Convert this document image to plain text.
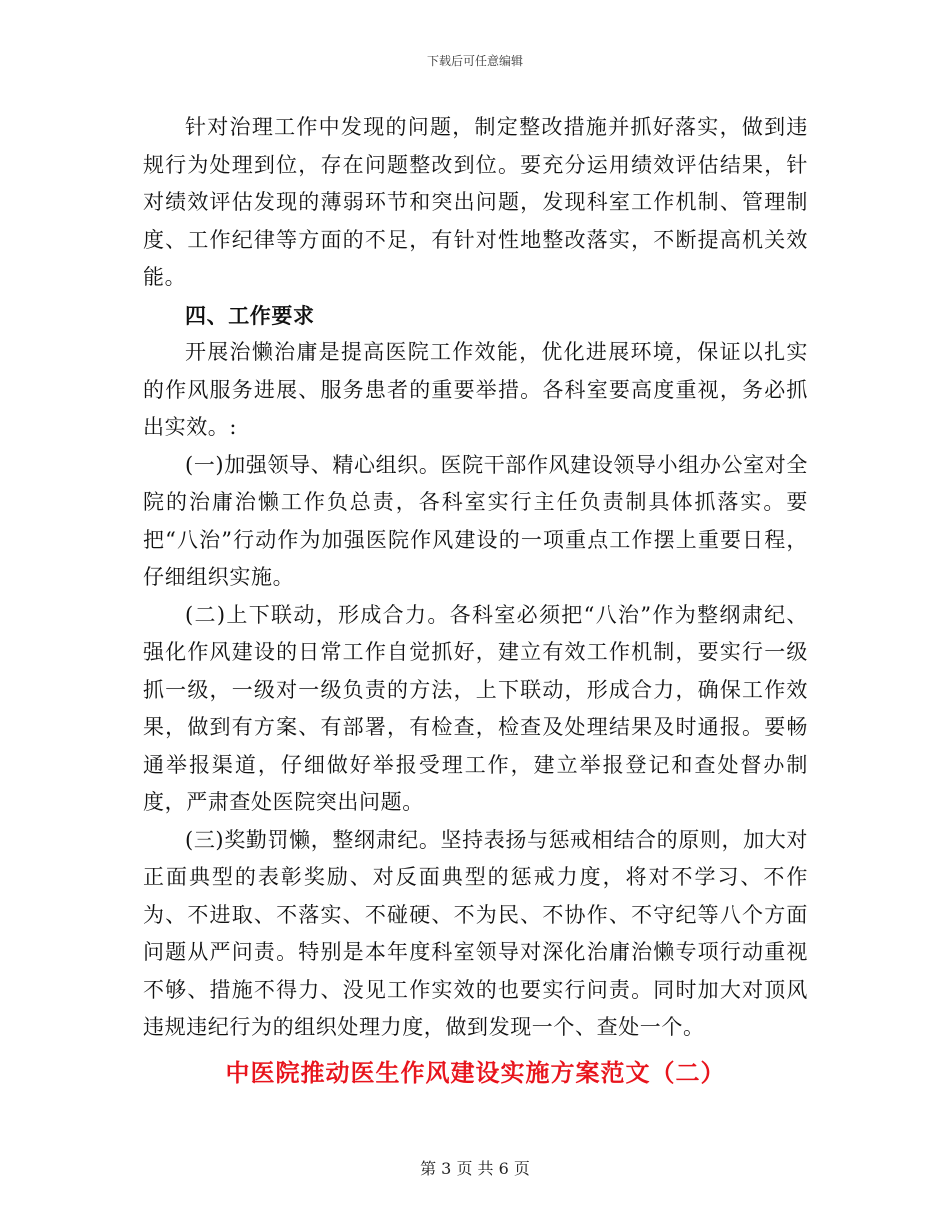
下载后可任意编辑

针对治理工作中发现的问题，制定整改措施并抓好落实，做到违规行为处理到位，存在问题整改到位。要充分运用绩效评估结果，针对绩效评估发现的薄弱环节和突出问题，发现科室工作机制、管理制度、工作纪律等方面的不足，有针对性地整改落实，不断提高机关效能。

四、工作要求

开展治懒治庸是提高医院工作效能，优化进展环境，保证以扎实的作风服务进展、服务患者的重要举措。各科室要高度重视，务必抓出实效。:

(一)加强领导、精心组织。医院干部作风建设领导小组办公室对全院的治庸治懒工作负总责，各科室实行主任负责制具体抓落实。要把“八治”行动作为加强医院作风建设的一项重点工作摆上重要日程，仔细组织实施。

(二)上下联动，形成合力。各科室必须把“八治”作为整纲肃纪、强化作风建设的日常工作自觉抓好，建立有效工作机制，要实行一级抓一级，一级对一级负责的方法，上下联动，形成合力，确保工作效果，做到有方案、有部署，有检查，检查及处理结果及时通报。要畅通举报渠道，仔细做好举报受理工作，建立举报登记和查处督办制度，严肃查处医院突出问题。

(三)奖勤罚懒，整纲肃纪。坚持表扬与惩戒相结合的原则，加大对正面典型的表彰奖励、对反面典型的惩戒力度，将对不学习、不作为、不进取、不落实、不碰硬、不为民、不协作、不守纪等八个方面问题从严问责。特别是本年度科室领导对深化治庸治懒专项行动重视不够、措施不得力、没见工作实效的也要实行问责。同时加大对顶风违规违纪行为的组织处理力度，做到发现一个、查处一个。

中医院推动医生作风建设实施方案范文（二）

第 3 页 共 6 页
